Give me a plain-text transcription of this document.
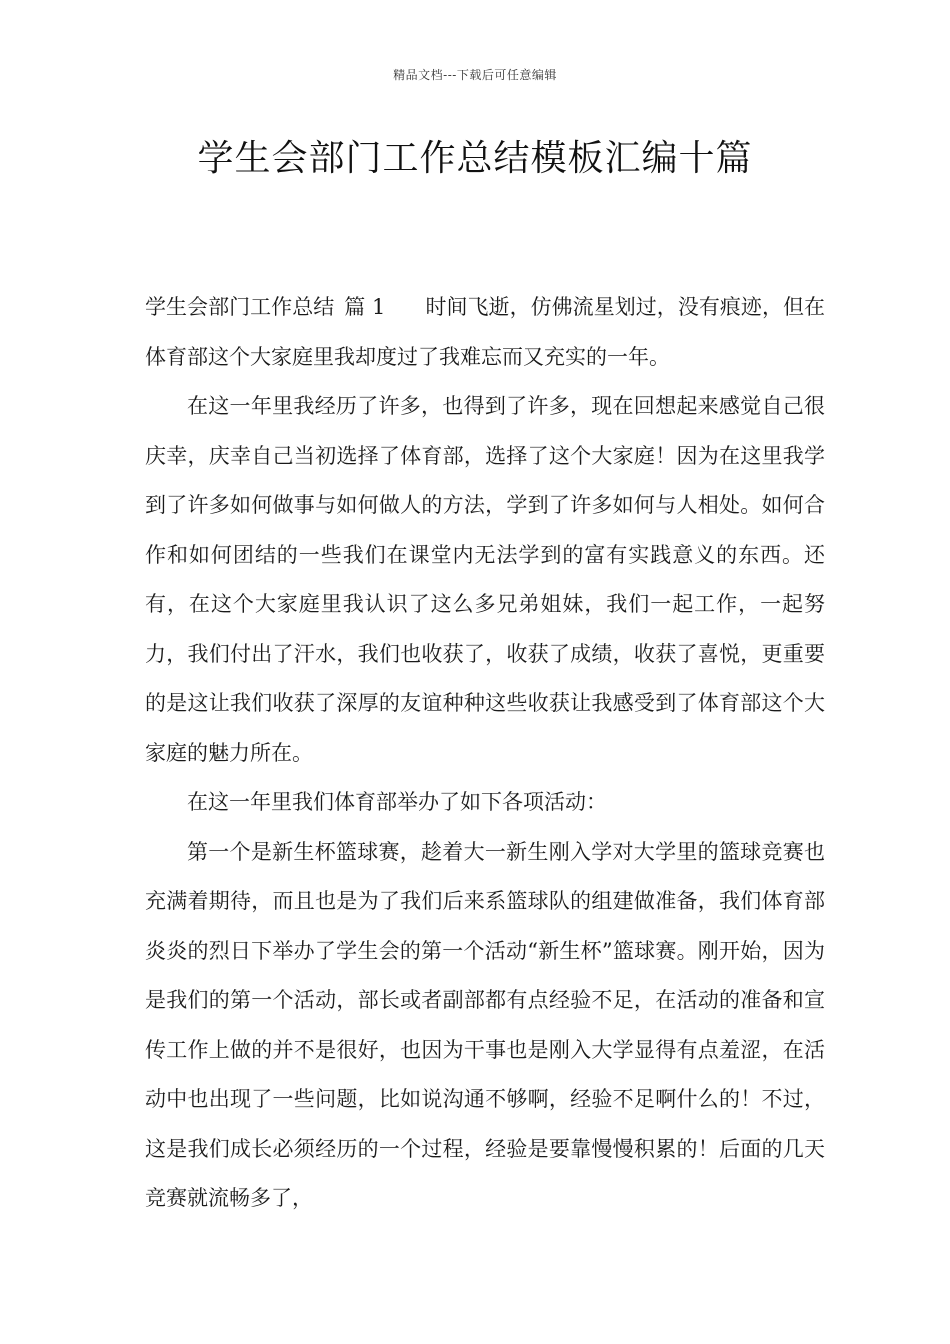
精品文档---下载后可任意编辑
学生会部门工作总结模板汇编十篇

学生会部门工作总结 篇 1 时间飞逝，仿佛流星划过，没有痕迹，但在体育部这个大家庭里我却度过了我难忘而又充实的一年。

在这一年里我经历了许多，也得到了许多，现在回想起来感觉自己很庆幸，庆幸自己当初选择了体育部，选择了这个大家庭！因为在这里我学到了许多如何做事与如何做人的方法，学到了许多如何与人相处。如何合作和如何团结的一些我们在课堂内无法学到的富有实践意义的东西。还有，在这个大家庭里我认识了这么多兄弟姐妹，我们一起工作，一起努力，我们付出了汗水，我们也收获了，收获了成绩，收获了喜悦，更重要的是这让我们收获了深厚的友谊种种这些收获让我感受到了体育部这个大家庭的魅力所在。

在这一年里我们体育部举办了如下各项活动：

第一个是新生杯篮球赛，趁着大一新生刚入学对大学里的篮球竞赛也充满着期待，而且也是为了我们后来系篮球队的组建做准备，我们体育部炎炎的烈日下举办了学生会的第一个活动“新生杯”篮球赛。刚开始，因为是我们的第一个活动，部长或者副部都有点经验不足，在活动的准备和宣传工作上做的并不是很好，也因为干事也是刚入大学显得有点羞涩，在活动中也出现了一些问题，比如说沟通不够啊，经验不足啊什么的！不过，这是我们成长必须经历的一个过程，经验是要靠慢慢积累的！后面的几天竞赛就流畅多了，
